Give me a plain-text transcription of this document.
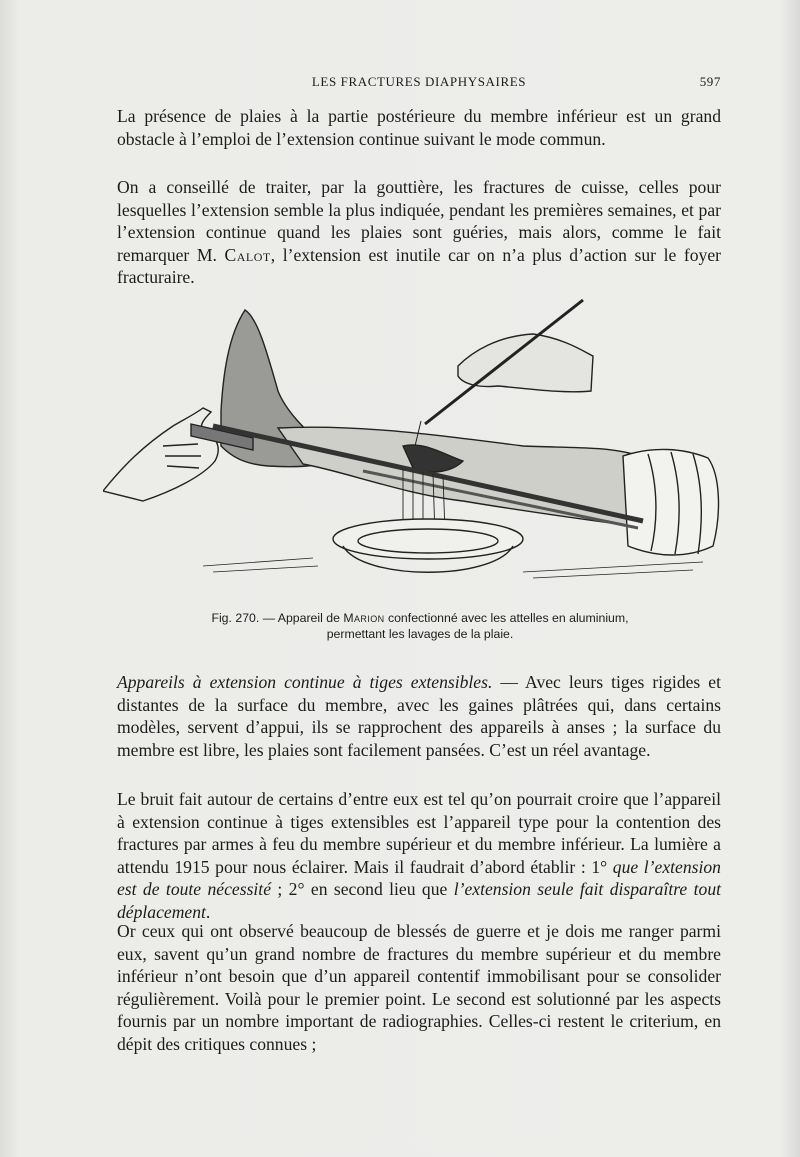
LES FRACTURES DIAPHYSAIRES	597

La présence de plaies à la partie postérieure du membre inférieur est un grand obstacle à l’emploi de l’extension continue suivant le mode commun.

On a conseillé de traiter, par la gouttière, les fractures de cuisse, celles pour lesquelles l’extension semble la plus indiquée, pendant les premières semaines, et par l’extension continue quand les plaies sont guéries, mais alors, comme le fait remarquer M. Calot, l’extension est inutile car on n’a plus d’action sur le foyer fracturaire.

Fig. 270. — Appareil de Marion confectionné avec les attelles en aluminium,
permettant les lavages de la plaie.

Appareils à extension continue à tiges extensibles. — Avec leurs tiges rigides et distantes de la surface du membre, avec les gaines plâtrées qui, dans certains modèles, servent d’appui, ils se rapprochent des appareils à anses ; la surface du membre est libre, les plaies sont facilement pansées. C’est un réel avantage.

Le bruit fait autour de certains d’entre eux est tel qu’on pourrait croire que l’appareil à extension continue à tiges extensibles est l’appareil type pour la contention des fractures par armes à feu du membre supérieur et du membre inférieur. La lumière a attendu 1915 pour nous éclairer. Mais il faudrait d’abord établir : 1° que l’extension est de toute nécessité ; 2° en second lieu que l’extension seule fait disparaître tout déplacement.

Or ceux qui ont observé beaucoup de blessés de guerre et je dois me ranger parmi eux, savent qu’un grand nombre de fractures du membre supérieur et du membre inférieur n’ont besoin que d’un appareil contentif immobilisant pour se consolider régulièrement. Voilà pour le premier point. Le second est solutionné par les aspects fournis par un nombre important de radiographies. Celles-ci restent le criterium, en dépit des critiques connues ;
